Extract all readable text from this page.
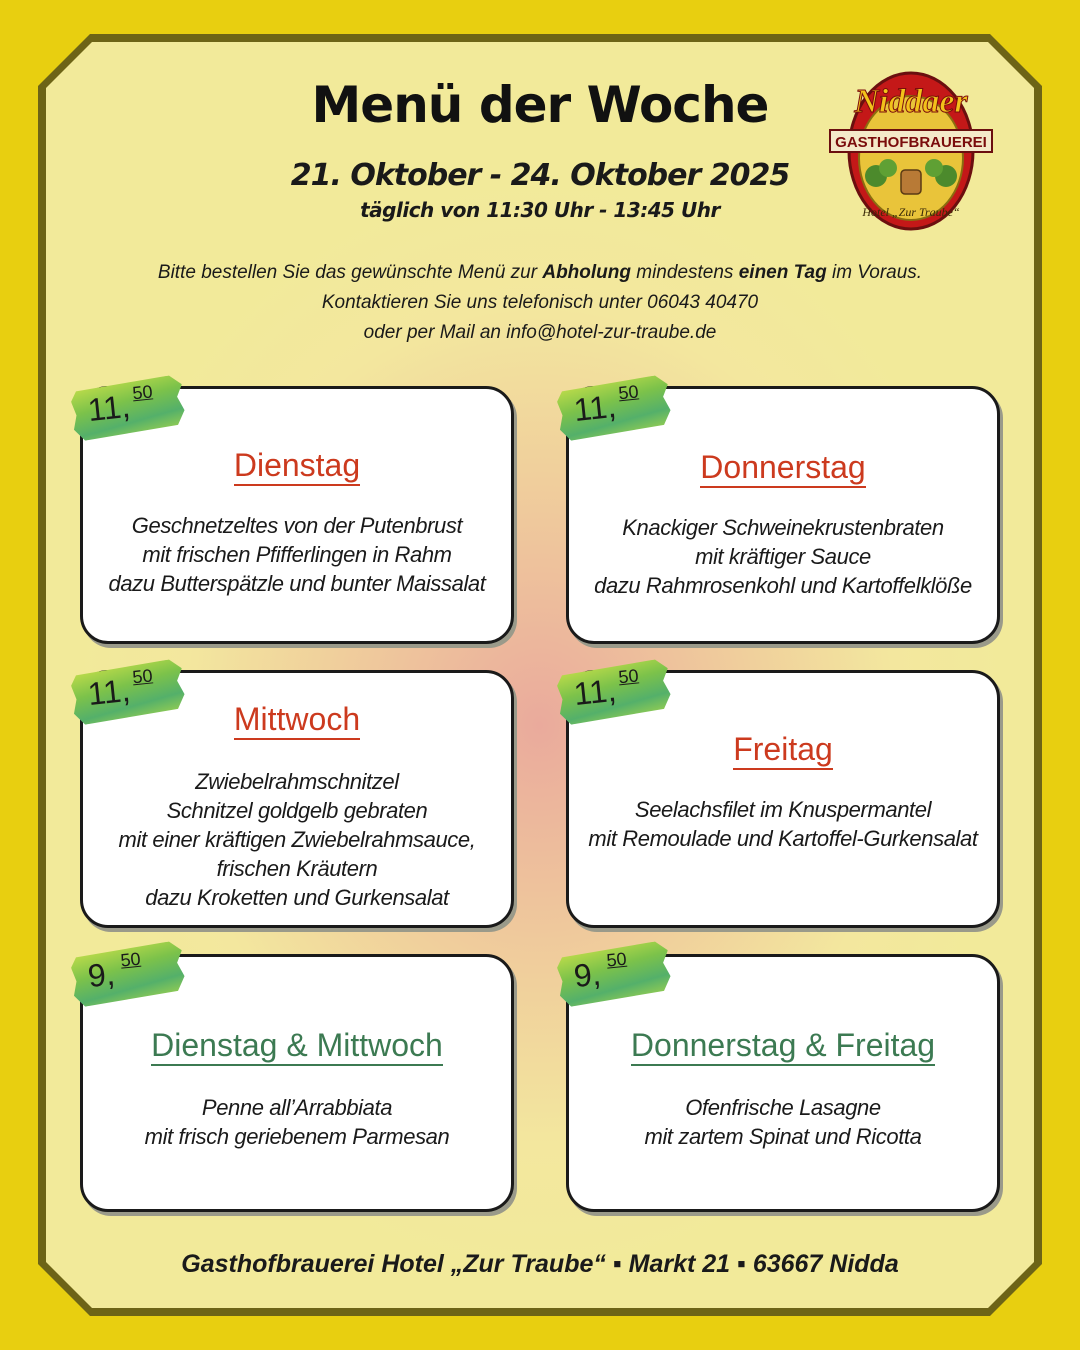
Menü der Woche
21. Oktober - 24. Oktober 2025
täglich von 11:30 Uhr - 13:45 Uhr
Niddaer
GASTHOFBRAUEREI
Hotel „Zur Traube“
Bitte bestellen Sie das gewünschte Menü zur Abholung mindestens einen Tag im Voraus.
Kontaktieren Sie uns telefonisch unter 06043 40470
oder per Mail an info@hotel-zur-traube.de
Dienstag
Geschnetzeltes von der Putenbrust
mit frischen Pfifferlingen in Rahm
dazu Butterspätzle und bunter Maissalat
Donnerstag
Knackiger Schweinekrustenbraten
mit kräftiger Sauce
dazu Rahmrosenkohl und Kartoffelklöße
Mittwoch
Zwiebelrahmschnitzel
Schnitzel goldgelb gebraten
mit einer kräftigen Zwiebelrahmsauce,
frischen Kräutern
dazu Kroketten und Gurkensalat
Freitag
Seelachsfilet im Knuspermantel
mit Remoulade und Kartoffel-Gurkensalat
Dienstag & Mittwoch
Penne all’Arrabbiata
mit frisch geriebenem Parmesan
Donnerstag & Freitag
Ofenfrische Lasagne
mit zartem Spinat und Ricotta
11, 50	11, 50
11, 50	11, 50
9, 50	9, 50
Gasthofbrauerei Hotel „Zur Traube“ ▪ Markt 21 ▪ 63667 Nidda
